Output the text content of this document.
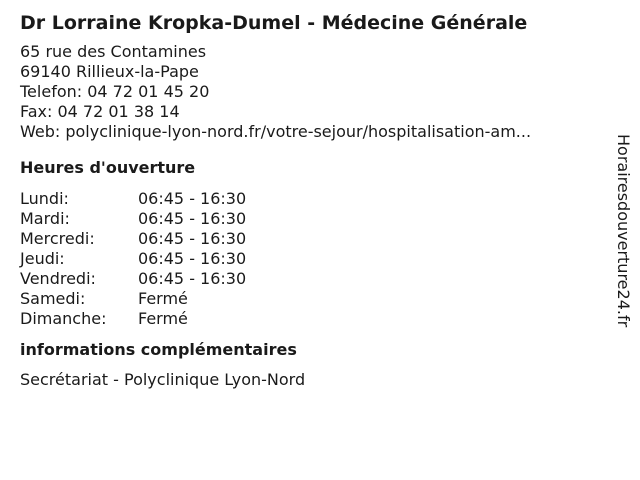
Dr Lorraine Kropka-Dumel - Médecine Générale
65 rue des Contamines
69140 Rillieux-la-Pape
Telefon: 04 72 01 45 20
Fax: 04 72 01 38 14
Web: polyclinique-lyon-nord.fr/votre-sejour/hospitalisation-am...
Heures d'ouverture
Lundi:	06:45 - 16:30
Mardi:	06:45 - 16:30
Mercredi:	06:45 - 16:30
Jeudi:	06:45 - 16:30
Vendredi:	06:45 - 16:30
Samedi:	Fermé
Dimanche:	Fermé
informations complémentaires
Secrétariat - Polyclinique Lyon-Nord
Horairesdouverture24.fr
